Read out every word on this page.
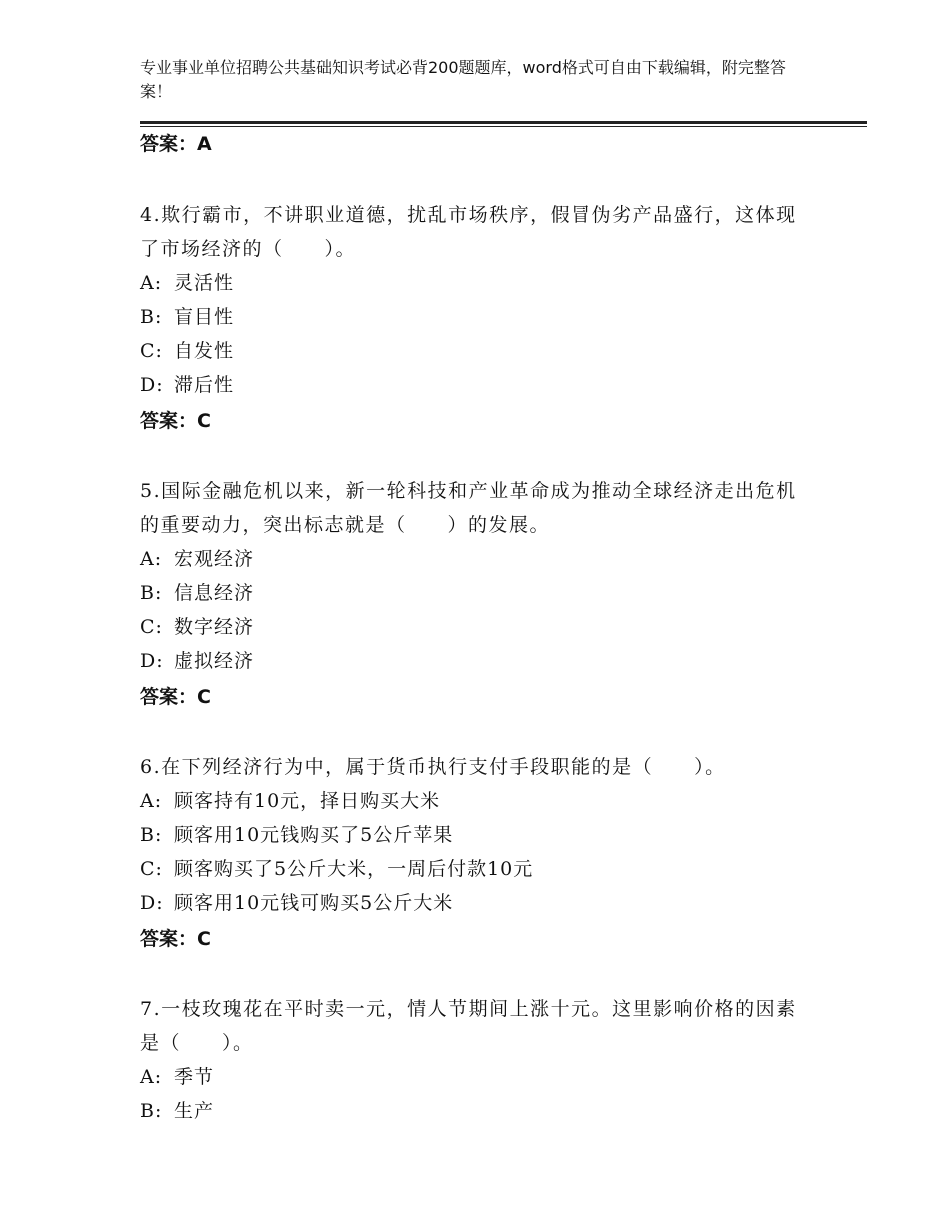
专业事业单位招聘公共基础知识考试必背200题题库，word格式可自由下载编辑，附完整答案！
答案：A
4.欺行霸市，不讲职业道德，扰乱市场秩序，假冒伪劣产品盛行，这体现了市场经济的（　　）。
A: 灵活性
B: 盲目性
C: 自发性
D: 滞后性
答案：C
5.国际金融危机以来，新一轮科技和产业革命成为推动全球经济走出危机的重要动力，突出标志就是（　　）的发展。
A: 宏观经济
B: 信息经济
C: 数字经济
D: 虚拟经济
答案：C
6.在下列经济行为中，属于货币执行支付手段职能的是（　　）。
A: 顾客持有10元，择日购买大米
B: 顾客用10元钱购买了5公斤苹果
C: 顾客购买了5公斤大米，一周后付款10元
D: 顾客用10元钱可购买5公斤大米
答案：C
7.一枝玫瑰花在平时卖一元，情人节期间上涨十元。这里影响价格的因素是（　　）。
A: 季节
B: 生产
